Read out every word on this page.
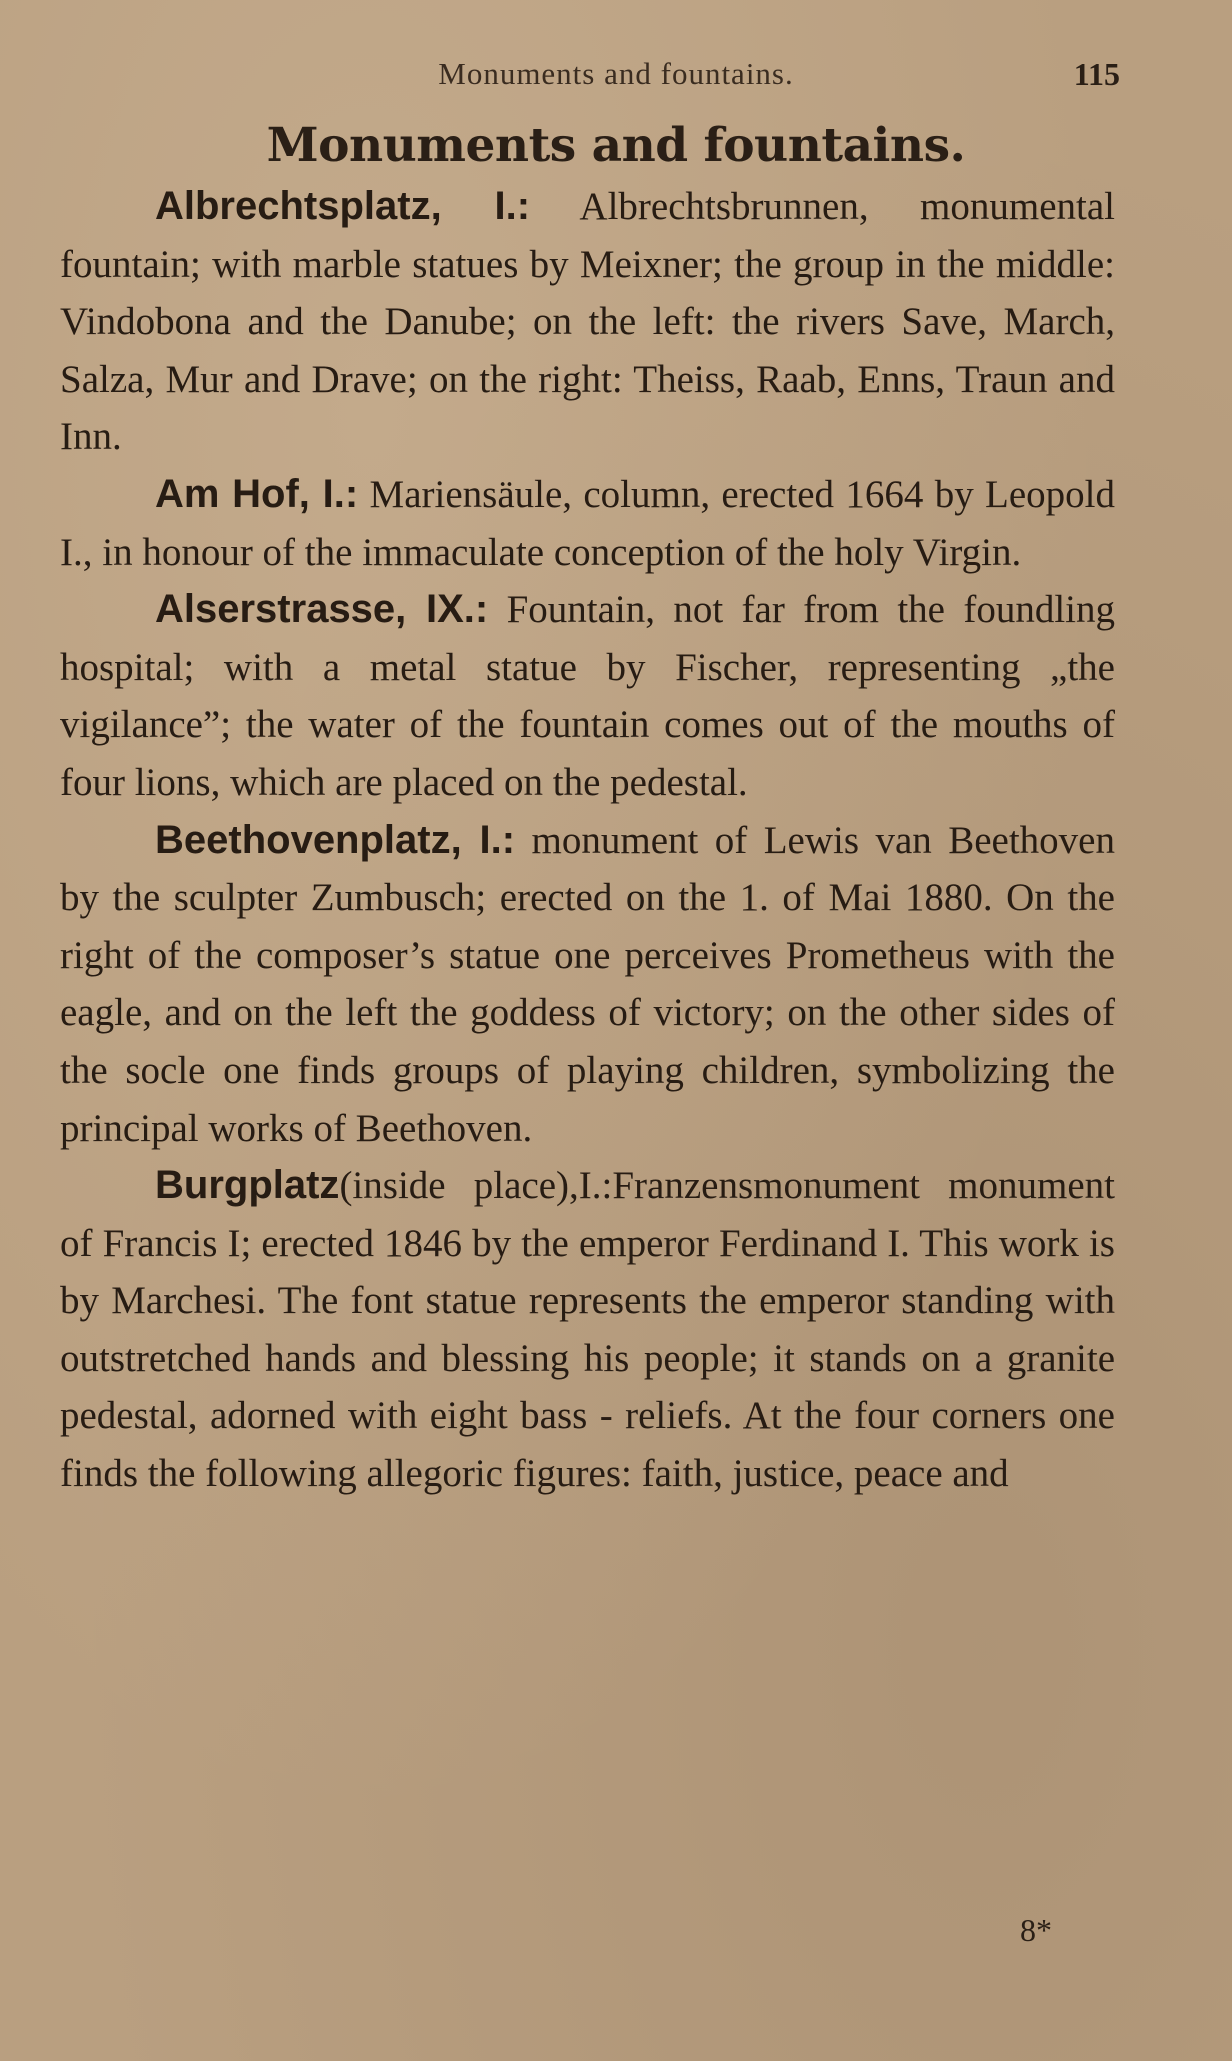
Monuments and fountains.	115
Monuments and fountains.

Albrechtsplatz, I.: Albrechtsbrunnen, monumental fountain; with marble statues by Meixner; the group in the middle: Vindobona and the Danube; on the left: the rivers Save, March, Salza, Mur and Drave; on the right: Theiss, Raab, Enns, Traun and Inn.

Am Hof, I.: Mariensäule, column, erected 1664 by Leopold I., in honour of the immaculate conception of the holy Virgin.

Alserstrasse, IX.: Fountain, not far from the foundling hospital; with a metal statue by Fischer, representing „the vigilance”; the water of the fountain comes out of the mouths of four lions, which are placed on the pedestal.

Beethovenplatz, I.: monument of Lewis van Beethoven by the sculpter Zumbusch; erected on the 1. of Mai 1880. On the right of the composer’s statue one perceives Prometheus with the eagle, and on the left the goddess of victory; on the other sides of the socle one finds groups of playing children, symbolizing the principal works of Beethoven.

Burgplatz(inside place),I.:Franzensmonument monument of Francis I; erected 1846 by the emperor Ferdinand I. This work is by Marchesi. The font statue represents the emperor standing with outstretched hands and blessing his people; it stands on a granite pedestal, adorned with eight bass - reliefs. At the four corners one finds the following allegoric figures: faith, justice, peace and

8*
